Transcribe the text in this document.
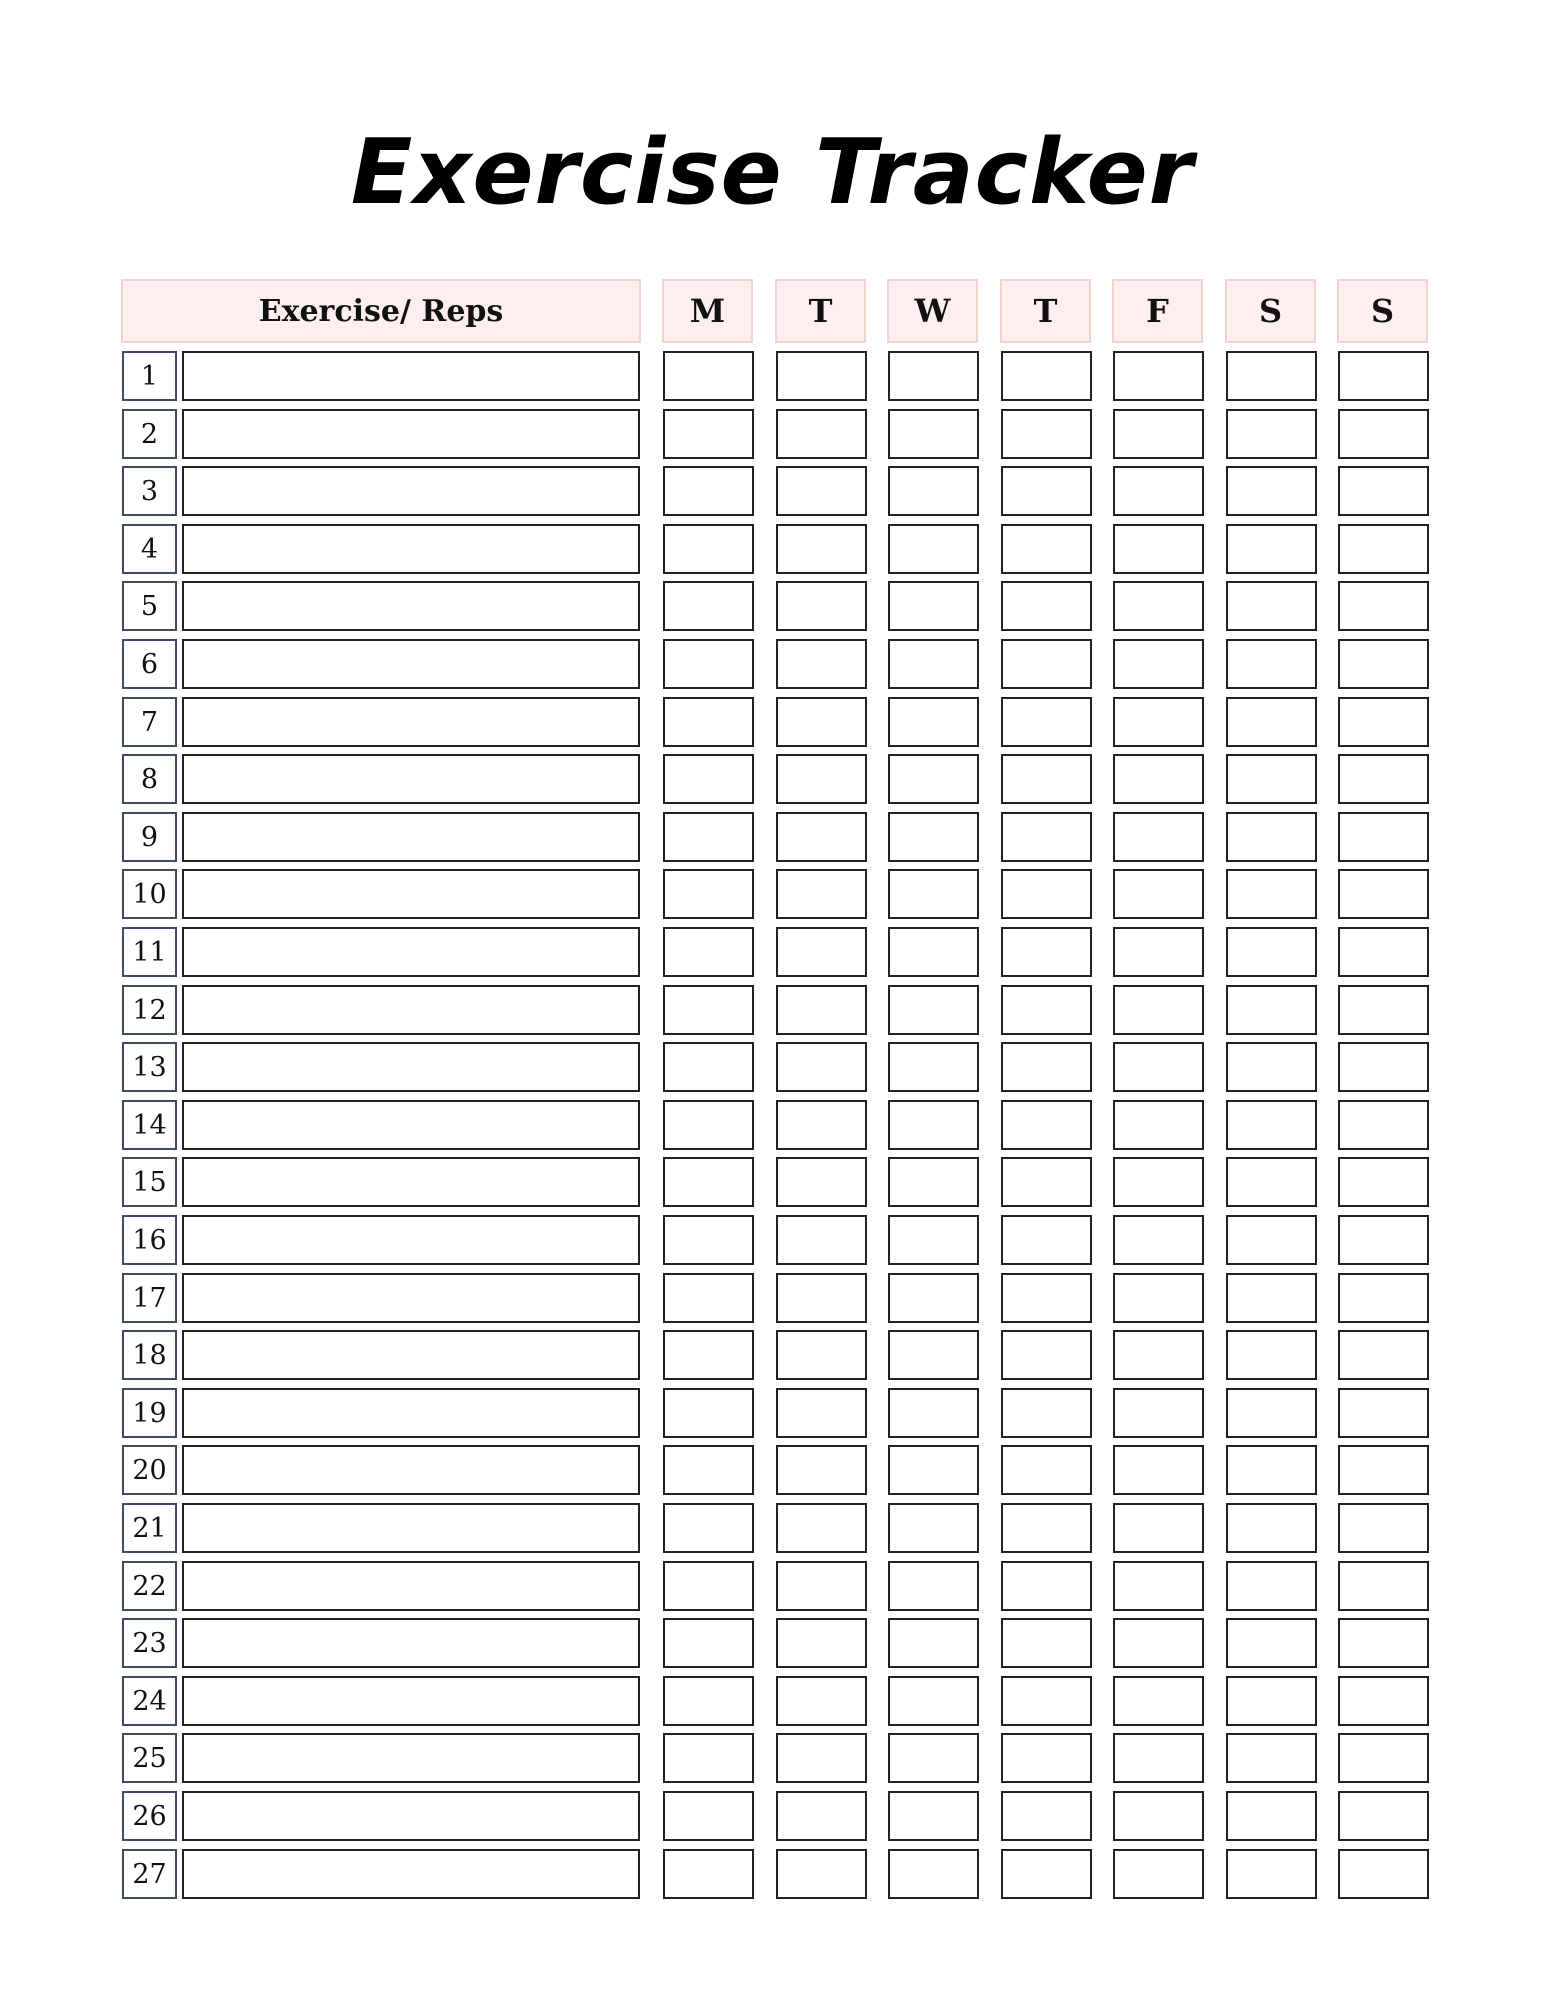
Exercise Tracker
Exercise/ Reps	M	T	W	T	F	S	S
1
2
3
4
5
6
7
8
9
10
11
12
13
14
15
16
17
18
19
20
21
22
23
24
25
26
27
